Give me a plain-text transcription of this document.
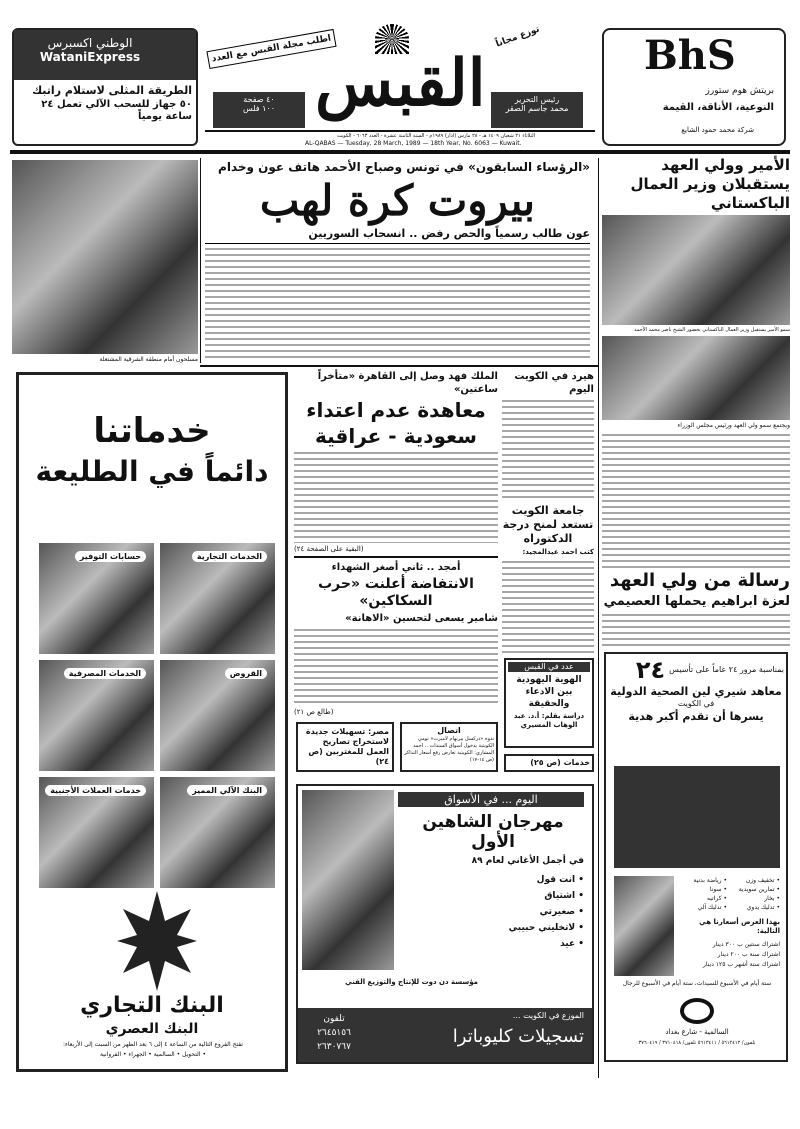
الوطني اكسبرس
WataniExpress
الطريقة المثلى لاستلام راتبك
٥٠ جهاز للسحب الآلي تعمل ٢٤ ساعة يومياً
اطلب مجلة القبس مع العدد
القبس
توزع مجاناً
رئيس التحرير
محمد جاسم الصقر
٤٠ صفحة
١٠٠ فلس
الثلاثاء ٢١ شعبان ١٤٠٩ هـ - ٢٨ مارس (آذار) ١٩٨٩م - السنة الثامنة عشرة - العدد ٦٠٦٣ - الكويت
AL-QABAS — Tuesday, 28 March, 1989 — 18th Year, No. 6063 — Kuwait.
BhS
بريتش هوم ستورز
النوعية، الأناقة، القيمة
شركة محمد حمود الشايع
مسلحون أمام منطقة الشرقية المشتعلة
«الرؤساء السابقون» في تونس وصباح الأحمد هاتف عون وخدام
بيروت كرة لهب
عون طالب رسمياً والحص رفض .. انسحاب السوريين
الأمير وولي العهد يستقبلان وزير العمال الباكستاني
سمو الأمير يستقبل وزير العمال الباكستاني بحضور الشيخ ناصر محمد الأحمد
ويجتمع سمو ولي العهد ورئيس مجلس الوزراء
رسالة من ولي العهد
لعزة ابراهيم يحملها العصيمي
خدماتنا
دائماً في الطليعة
الخدمات التجارية
حسابات التوفير
القروض
الخدمات المصرفية
البنك الآلي المميز
خدمات العملات الأجنبية
البنك التجاري
البنك العصري
تفتح الفروع التالية من الساعة ٤ إلى ٦ بعد الظهر من السبت إلى الأربعاء:
• التحويل • السالمية • الجهراء • الفروانية
الملك فهد وصل إلى القاهرة «متأخراً ساعتين»
معاهدة عدم اعتداء
سعودية - عراقية
(البقية على الصفحة ٢٤)
هيرد في الكويت اليوم
جامعة الكويت تستعد لمنح درجة الدكتوراه
كتب احمد عبدالمجيد:
أمجد .. ثاني أصغر الشهداء
الانتفاضة أعلنت «حرب السكاكين»
شامير يسعى لتحسين «الاهانة»
(طالع ص ٢١)
مصر: تسهيلات جديدة لاستخراج تصاريح العمل للمغتربين (ص ٢٤)
اتصال
ندوة «دركسل بيرنهام لامبرت» تومي الكويتية بدخول أسواق السندات .. احمد المشاري: الكويتية تعارض رفع أسعار التذاكر (ص ١٤-١٧)
عدد في القبس
الهوية اليهودية بين الادعاء والحقيقة
دراسة بقلم: أ.د. عبد الوهاب المسيري
خدمات (ص ٢٥)
اليوم ... في الأسواق
مهرجان الشاهين الأول
في أجمل الأغاني لعام ٨٩
• انت قول
• اشتياق
• صغيرتي
• لاتخليني حبيبي
• عيد
مؤسسة دن دوت للإنتاج والتوزيع الفني
الموزع في الكويت ...
تسجيلات كليوباترا
تلفون
٢٦٤٥١٥٦
٢٦٣٠٧٦٧
بمناسبة مرور ٢٤ عاماً على تأسيس
٢٤
معاهد شيري لين الصحية الدولية
في الكويت
يسرها أن تقدم أكبر هدية
• تخفيف وزن
• رياضة بدنية
• تمارين سويدية
• سونا
• بخار
• كراتيه
• تدليك يدوي
• تدليك آلي
بهذا العرض أسعارنا هي التالية:
اشتراك سنتين ب ٣٠٠ دينار
اشتراك سنة ب ٢٠٠ دينار
اشتراك ستة أشهر ب ١٢٥ دينار
ستة أيام في الأسبوع للسيدات، ستة أيام في الأسبوع للرجال
السالمية - شارع بغداد
تلفون/ ٥٦١٢٤١٢ / ٥٦١٣٤١١ تلفون/ ٣٧١٠٤١٨ / ٣٧٦٠٤١٩
